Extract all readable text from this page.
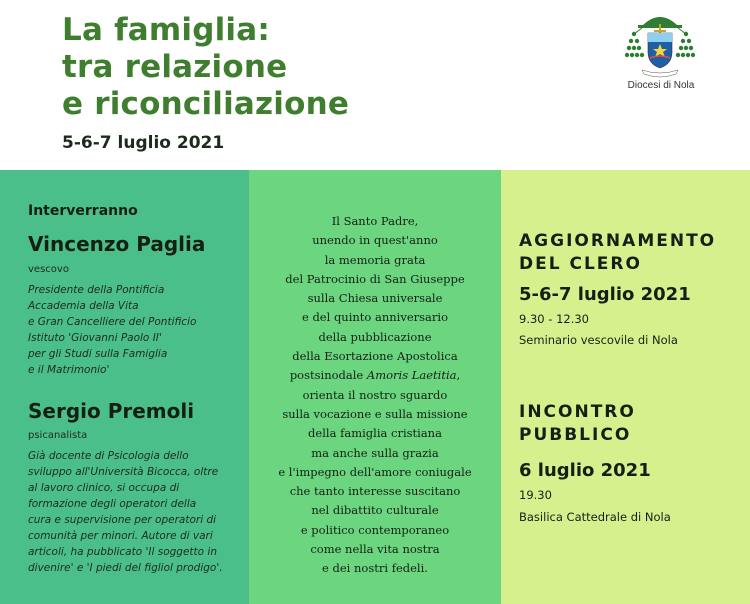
La famiglia:
tra relazione
e riconciliazione
5-6-7 luglio 2021
Diocesi di Nola
Interverranno
Vincenzo Paglia
vescovo
Presidente della Pontificia
Accademia della Vita
e Gran Cancelliere del Pontificio
Istituto 'Giovanni Paolo II'
per gli Studi sulla Famiglia
e il Matrimonio'
Sergio Premoli
psicanalista
Già docente di Psicologia dello
sviluppo all'Università Bicocca, oltre
al lavoro clinico, si occupa di
formazione degli operatori della
cura e supervisione per operatori di
comunità per minori. Autore di vari
articoli, ha pubblicato 'Il soggetto in
divenire' e 'I piedi del figliol prodigo'.
Il Santo Padre,
unendo in quest'anno
la memoria grata
del Patrocinio di San Giuseppe
sulla Chiesa universale
e del quinto anniversario
della pubblicazione
della Esortazione Apostolica
postsinodale Amoris Laetitia,
orienta il nostro sguardo
sulla vocazione e sulla missione
della famiglia cristiana
ma anche sulla grazia
e l'impegno dell'amore coniugale
che tanto interesse suscitano
nel dibattito culturale
e politico contemporaneo
come nella vita nostra
e dei nostri fedeli.
AGGIORNAMENTO
DEL CLERO
5-6-7 luglio 2021
9.30 - 12.30
Seminario vescovile di Nola
INCONTRO
PUBBLICO
6 luglio 2021
19.30
Basilica Cattedrale di Nola
